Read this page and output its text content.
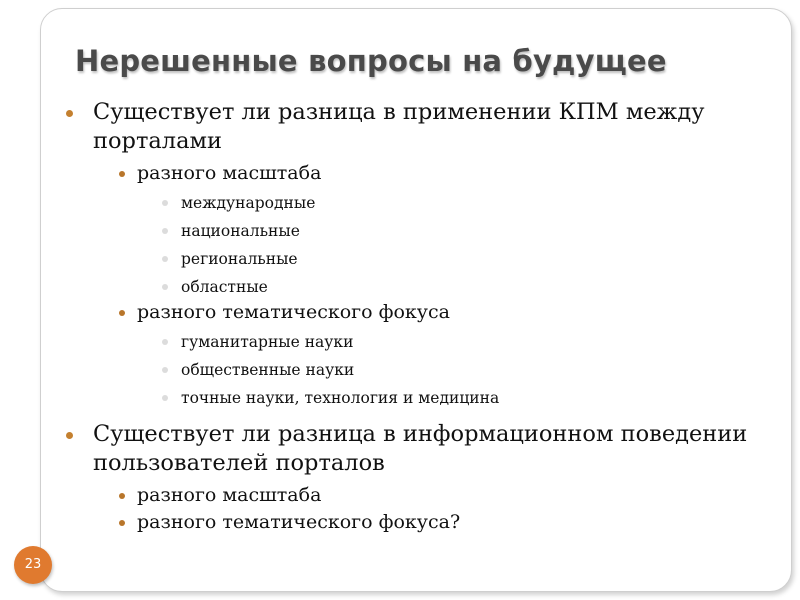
Нерешенные вопросы на будущее
Существует ли разница в применении КПМ между порталами
разного масштаба
международные
национальные
региональные
областные
разного тематического фокуса
гуманитарные науки
общественные науки
точные науки, технология и медицина
Существует ли разница в информационном поведении пользователей порталов
разного масштаба
разного тематического фокуса?
23
